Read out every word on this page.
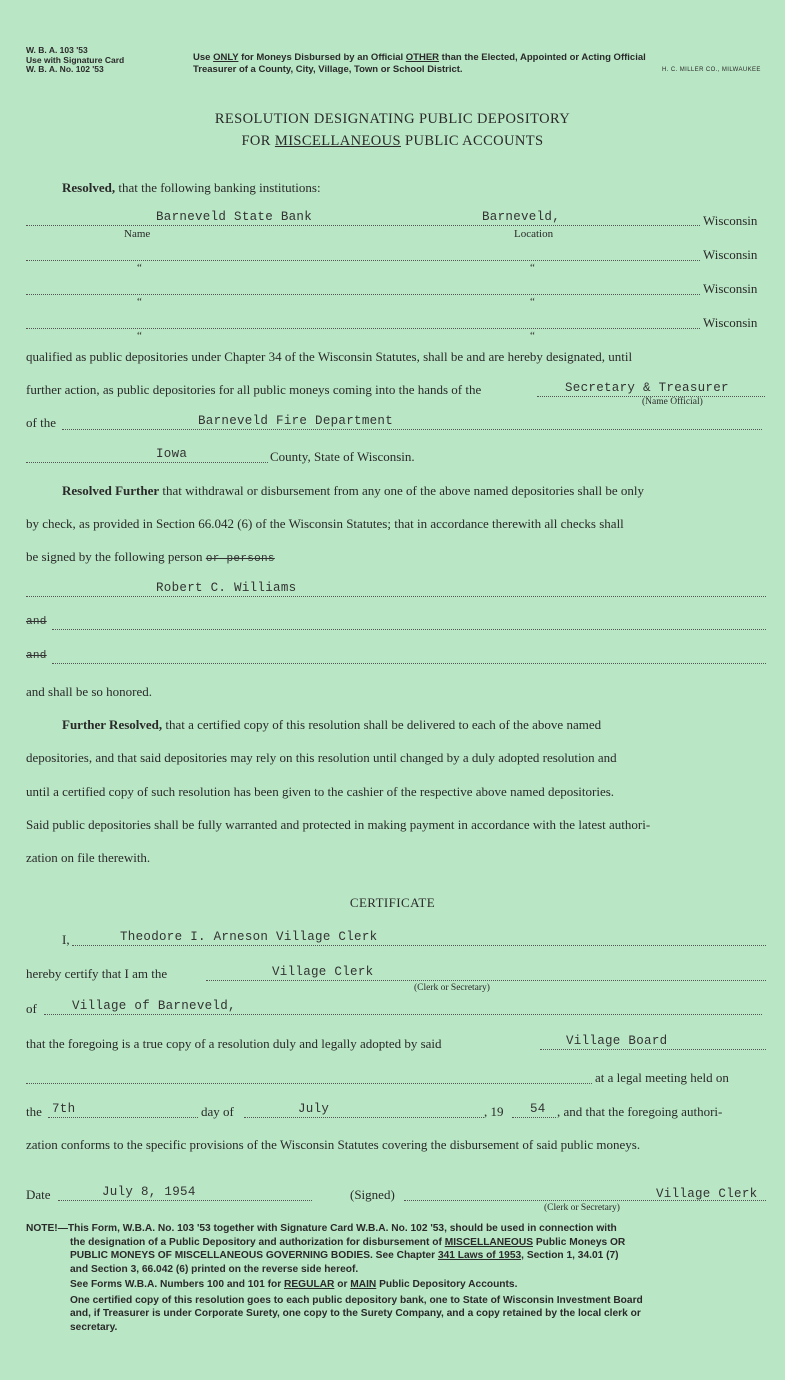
W. B. A. 103 '53
Use with Signature Card
W. B. A. No. 102 '53
Use ONLY for Moneys Disbursed by an Official OTHER than the Elected, Appointed or Acting Official
Treasurer of a County, City, Village, Town or School District.	H. C. MILLER CO., MILWAUKEE
RESOLUTION DESIGNATING PUBLIC DEPOSITORY
FOR MISCELLANEOUS PUBLIC ACCOUNTS
Resolved, that the following banking institutions:
Barneveld State Bank	Barneveld,	Wisconsin
Name	Location
Wisconsin
“	“
Wisconsin
“	“
Wisconsin
“	“
qualified as public depositories under Chapter 34 of the Wisconsin Statutes, shall be and are hereby designated, until
further action, as public depositories for all public moneys coming into the hands of the	Secretary & Treasurer
(Name Official)
of the	Barneveld Fire Department
Iowa	County, State of Wisconsin.
Resolved Further that withdrawal or disbursement from any one of the above named depositories shall be only
by check, as provided in Section 66.042 (6) of the Wisconsin Statutes; that in accordance therewith all checks shall
be signed by the following person or persons
Robert C. Williams
and
and
and shall be so honored.
Further Resolved, that a certified copy of this resolution shall be delivered to each of the above named
depositories, and that said depositories may rely on this resolution until changed by a duly adopted resolution and
until a certified copy of such resolution has been given to the cashier of the respective above named depositories.
Said public depositories shall be fully warranted and protected in making payment in accordance with the latest authori-
zation on file therewith.
CERTIFICATE
I,	Theodore I. Arneson Village Clerk
hereby certify that I am the	Village Clerk
(Clerk or Secretary)
of	Village of Barneveld,
that the foregoing is a true copy of a resolution duly and legally adopted by said	Village Board
at a legal meeting held on
the 7th	day of	July	, 19 54 , and that the foregoing authori-
zation conforms to the specific provisions of the Wisconsin Statutes covering the disbursement of said public moneys.
Date	July 8, 1954	(Signed)	Village Clerk
(Clerk or Secretary)
NOTE!—This Form, W.B.A. No. 103 '53 together with Signature Card W.B.A. No. 102 '53, should be used in connection with
the designation of a Public Depository and authorization for disbursement of MISCELLANEOUS Public Moneys OR
PUBLIC MONEYS OF MISCELLANEOUS GOVERNING BODIES. See Chapter 341 Laws of 1953, Section 1, 34.01 (7)
and Section 3, 66.042 (6) printed on the reverse side hereof.
See Forms W.B.A. Numbers 100 and 101 for REGULAR or MAIN Public Depository Accounts.
One certified copy of this resolution goes to each public depository bank, one to State of Wisconsin Investment Board
and, if Treasurer is under Corporate Surety, one copy to the Surety Company, and a copy retained by the local clerk or
secretary.
